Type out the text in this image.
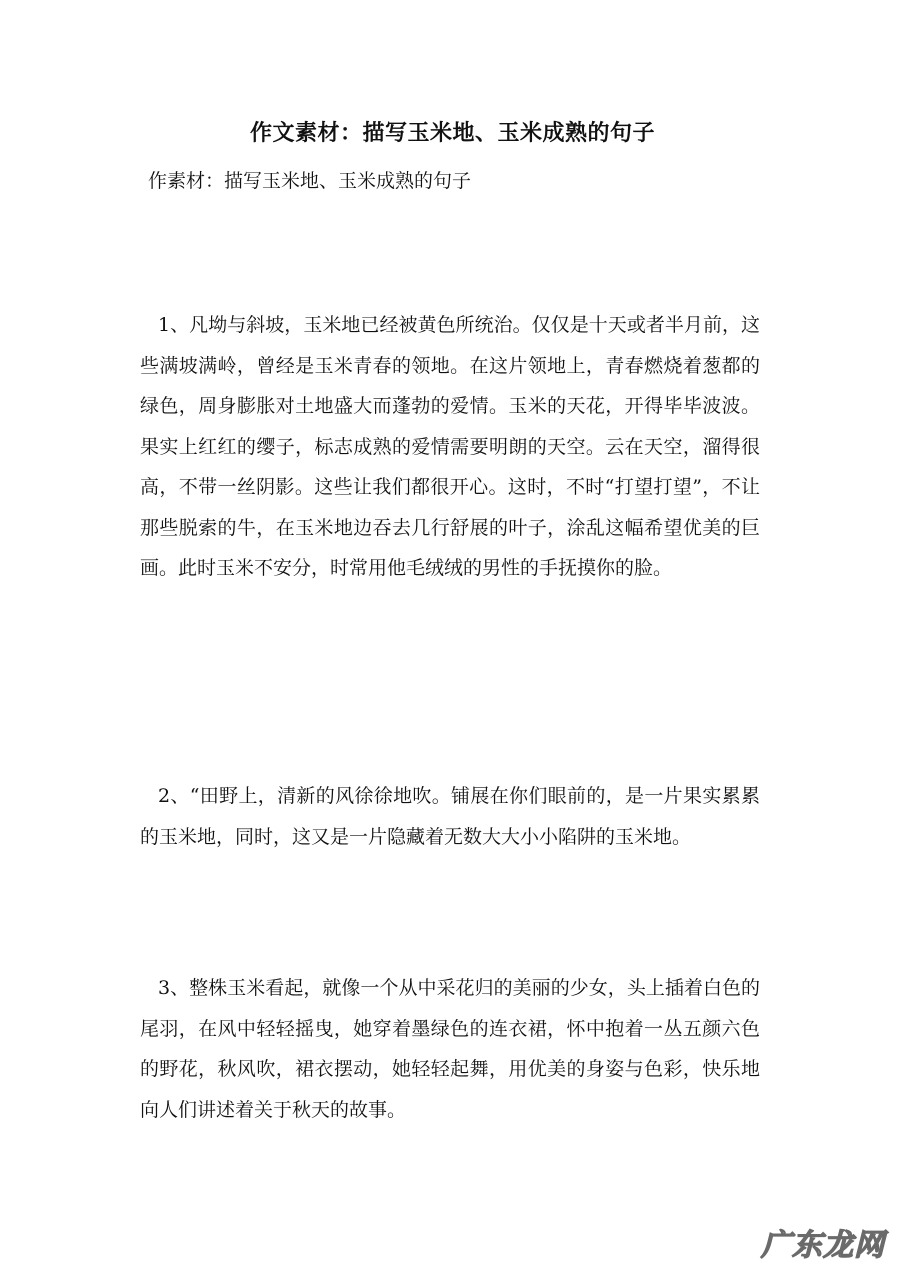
作文素材：描写玉米地、玉米成熟的句子
作素材：描写玉米地、玉米成熟的句子

1、凡坳与斜坡，玉米地已经被黄色所统治。仅仅是十天或者半月前，这些满坡满岭，曾经是玉米青春的领地。在这片领地上，青春燃烧着葱都的绿色，周身膨胀对土地盛大而蓬勃的爱情。玉米的天花，开得毕毕波波。果实上红红的缨子，标志成熟的爱情需要明朗的天空。云在天空，溜得很高，不带一丝阴影。这些让我们都很开心。这时，不时“打望打望”，不让那些脱索的牛，在玉米地边吞去几行舒展的叶子，涂乱这幅希望优美的巨画。此时玉米不安分，时常用他毛绒绒的男性的手抚摸你的脸。

2、“田野上，清新的风徐徐地吹。铺展在你们眼前的，是一片果实累累的玉米地，同时，这又是一片隐藏着无数大大小小陷阱的玉米地。

3、整株玉米看起，就像一个从中采花归的美丽的少女，头上插着白色的尾羽，在风中轻轻摇曳，她穿着墨绿色的连衣裙，怀中抱着一丛五颜六色的野花，秋风吹，裙衣摆动，她轻轻起舞，用优美的身姿与色彩，快乐地向人们讲述着关于秋天的故事。

广东龙网
